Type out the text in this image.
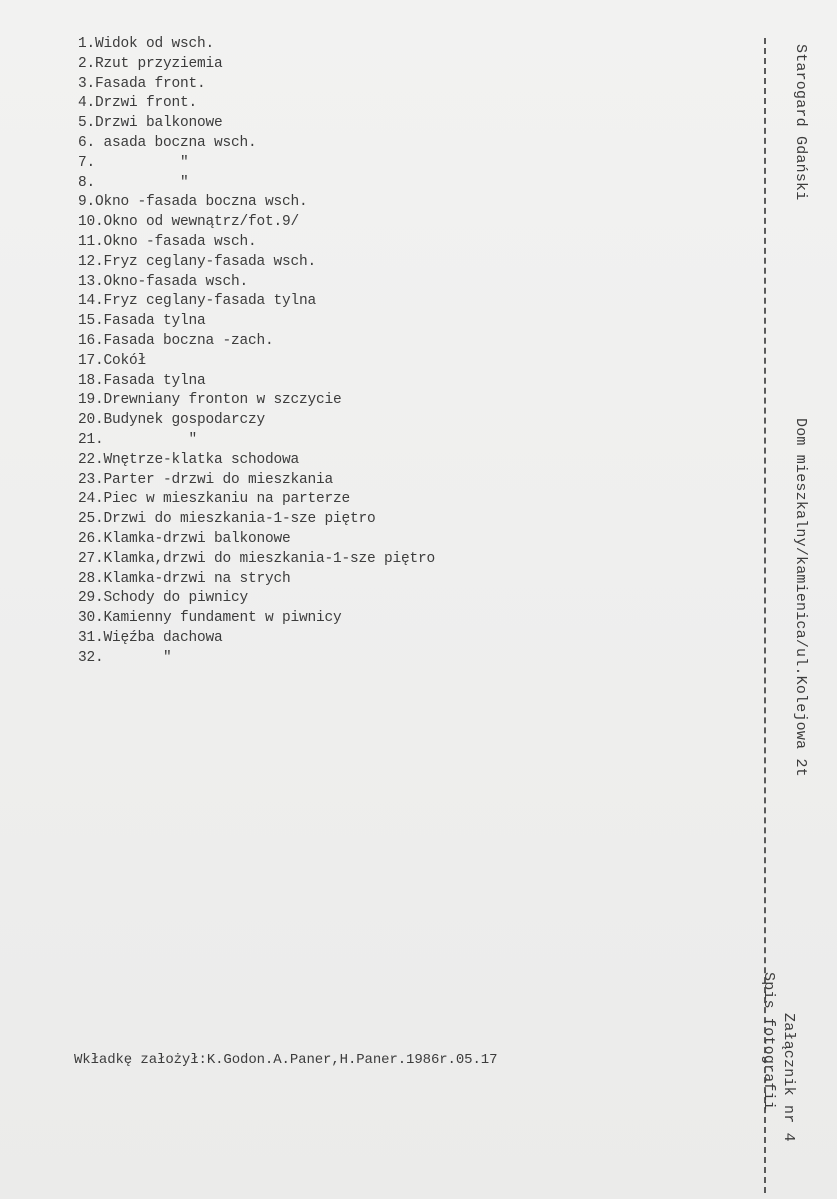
1.Widok od wsch.
2.Rzut przyziemia
3.Fasada front.
4.Drzwi front.
5.Drzwi balkonowe
6. asada boczna wsch.
7.          "
8.          "
9.Okno -fasada boczna wsch.
10.Okno od wewnątrz/fot.9/
11.Okno -fasada wsch.
12.Fryz ceglany-fasada wsch.
13.Okno-fasada wsch.
14.Fryz ceglany-fasada tylna
15.Fasada tylna
16.Fasada boczna -zach.
17.Cokół
18.Fasada tylna
19.Drewniany fronton w szczycie
20.Budynek gospodarczy
21.          "
22.Wnętrze-klatka schodowa
23.Parter -drzwi do mieszkania
24.Piec w mieszkaniu na parterze
25.Drzwi do mieszkania-1-sze piętro
26.Klamka-drzwi balkonowe
27.Klamka,drzwi do mieszkania-1-sze piętro
28.Klamka-drzwi na strych
29.Schody do piwnicy
30.Kamienny fundament w piwnicy
31.Więźba dachowa
32.       "
Wkładkę założył:K.Godon.A.Paner,H.Paner.1986r.05.17
Starogard Gdański
Dom mieszkalny/kamienica/ul.Kolejowa 2t
Załącznik nr 4
Spis fotografii
